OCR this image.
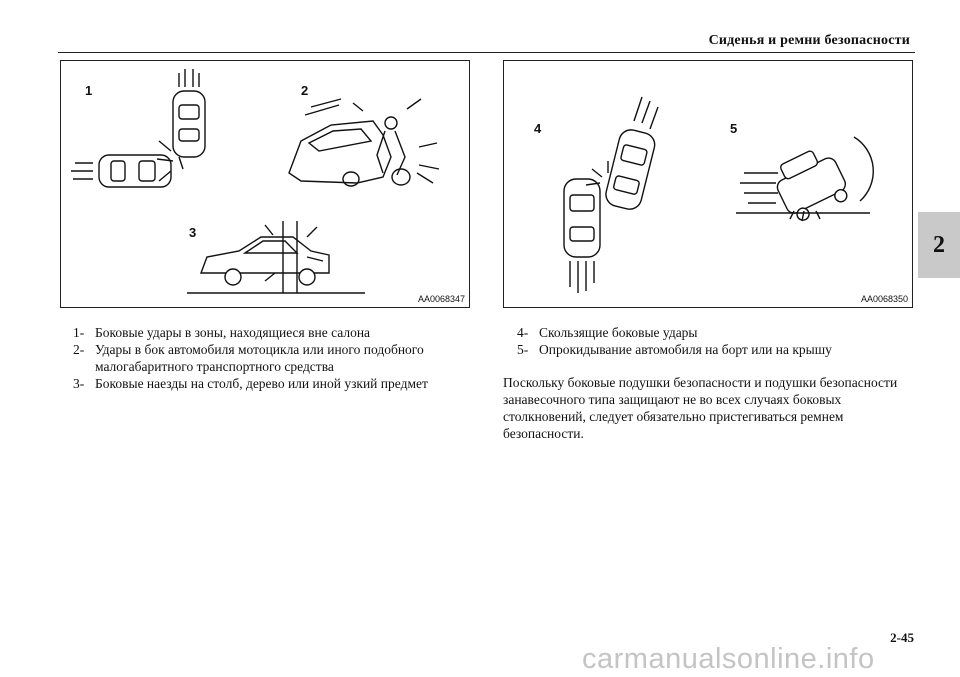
Сиденья и ремни безопасности
2
1	2
3
AA0068347
4	5
AA0068350
1- Боковые удары в зоны, находящиеся вне салона
2- Удары в бок автомобиля мотоцикла или иного подобного малогабаритного транспортного средства
3- Боковые наезды на столб, дерево или иной узкий предмет
4- Скользящие боковые удары
5- Опрокидывание автомобиля на борт или на крышу

Поскольку боковые подушки безопасности и подушки безопасности занавесочного типа защищают не во всех случаях боковых столкновений, следует обязательно пристегиваться ремнем безопасности.

2-45
carmanualsonline.info
